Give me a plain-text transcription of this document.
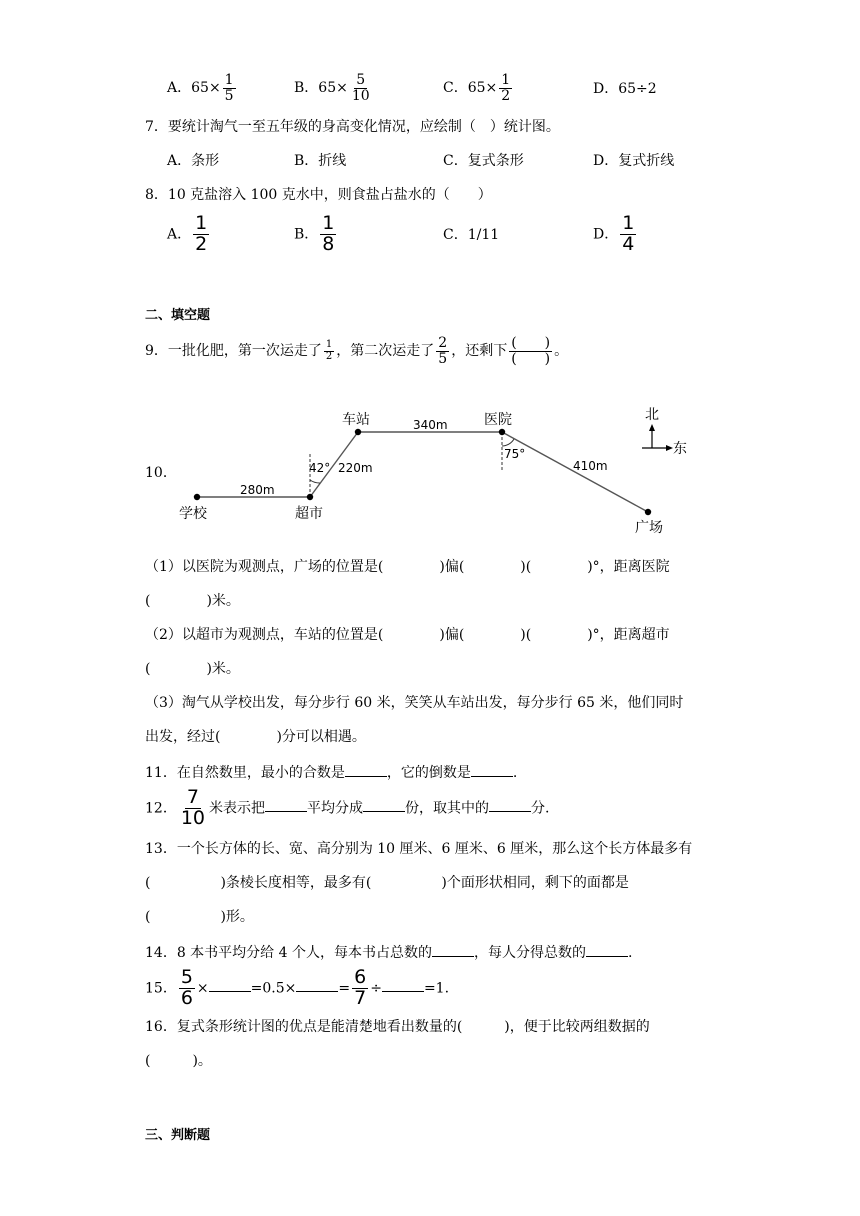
A．$65\times \frac{1}{5}$	B．$65\times \frac{5}{10}$	C．$65\times \frac{1}{2}$	D．65÷2
7．要统计淘气一至五年级的身高变化情况，应绘制（　）统计图。
A．条形	B．折线	C．复式条形	D．复式折线
8．10 克盐溶入 100 克水中，则食盐占盐水的（　　）
A． $\frac{1}{2}$	B． $\frac{1}{8}$	C．1/11	D． $\frac{1}{4}$
二、填空题
9．一批化肥，第一次运走了 $\frac{1}{2}$ ，第二次运走了 $\frac{2}{5}$ ，还剩下 $\frac{( )}{( )}$ 。
10．
学校	超市
车站	医院
广场
280m
220m
340m
410m
42°
75°
北
东
（1）以医院为观测点，广场的位置是(　　　　)偏(　　　　)(　　　　)°，距离医院
(　　　　)米。
（2）以超市为观测点，车站的位置是(　　　　)偏(　　　　)(　　　　)°，距离超市
(　　　　)米。
（3）淘气从学校出发，每分步行 60 米，笑笑从车站出发，每分步行 65 米，他们同时
出发，经过(　　　　)分可以相遇。
11．在自然数里，最小的合数是	，它的倒数是	.
12． $\frac{7}{10}$ 米表示把	平均分成	份，取其中的	分.
13．一个长方体的长、宽、高分别为 10 厘米、6 厘米、6 厘米，那么这个长方体最多有
(　　　　　)条棱长度相等，最多有(　　　　　)个面形状相同，剩下的面都是
(　　　　　)形。
14．8 本书平均分给 4 个人，每本书占总数的	，每人分得总数的	.
15． $\frac{5}{6}$ ×	=0.5×	= $\frac{6}{7}$ ÷	=1.
16．复式条形统计图的优点是能清楚地看出数量的(　　　)，便于比较两组数据的
(　　　)。
三、判断题
